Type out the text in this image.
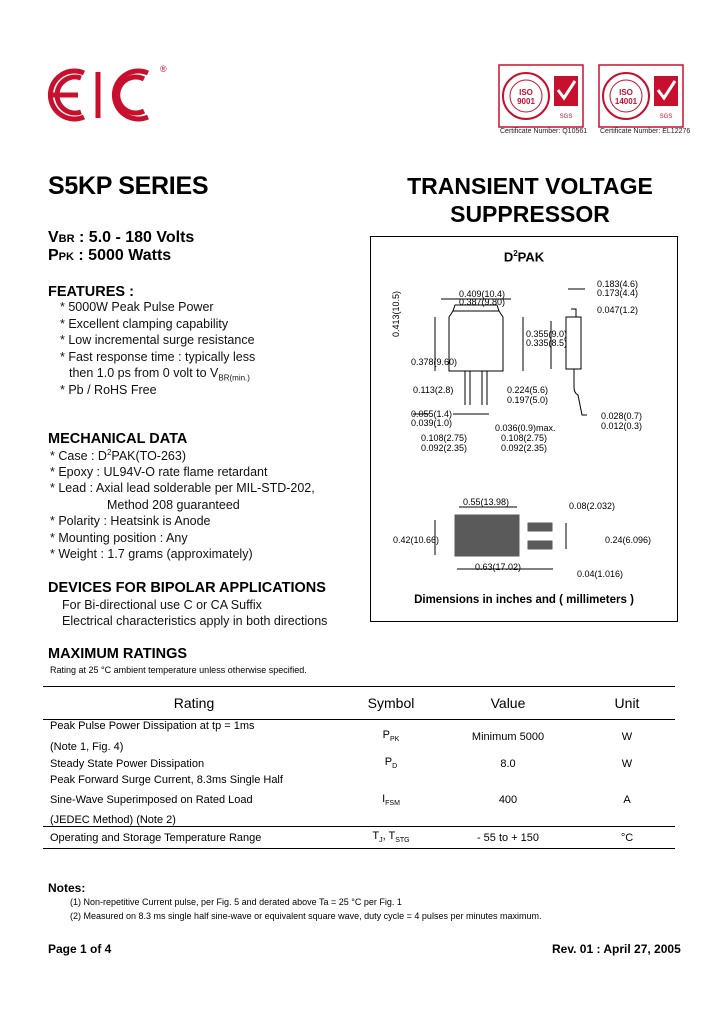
®
ISO
9001
SGS
ISO
14001
SGS
Certificate Number: Q10561 Certificate Number: EL12276
S5KP SERIES	TRANSIENT VOLTAGE
SUPPRESSOR
VBR : 5.0 - 180 Volts
PPK : 5000 Watts
FEATURES :
* 5000W Peak Pulse Power
* Excellent clamping capability
* Low incremental surge resistance
* Fast response time : typically less
then 1.0 ps from 0 volt to $V_{BR(min.)}$
* Pb / RoHS Free
MECHANICAL DATA
* Case : $D^2PAK(TO-263)$
* Epoxy : UL94V-O rate flame retardant
* Lead : Axial lead solderable per MIL-STD-202,
Method 208 guaranteed
* Polarity : Heatsink is Anode
* Mounting position : Any
* Weight : 1.7 grams (approximately)
DEVICES FOR BIPOLAR APPLICATIONS
For Bi-directional use C or CA Suffix
Electrical characteristics apply in both directions
$D^2PAK$
0.409(10.4)
0.387(9.80)
0.183(4.6)
0.173(4.4)
0.047(1.2)
0.413(10.5)
0.378(9.60)
0.355(9.0)
0.335(8.5)
0.113(2.8)	0.224(5.6)
0.197(5.0)
0.055(1.4)
0.039(1.0)	0.036(0.9)max.
0.108(2.75)
0.092(2.35)
0.108(2.75)
0.092(2.35)
0.028(0.7)
0.012(0.3)
0.55(13.98)	0.08(2.032)
0.42(10.66)	0.24(6.096)
0.63(17.02)
0.04(1.016)
Dimensions in inches and ( millimeters )
MAXIMUM RATINGS
Rating at 25 °C ambient temperature unless otherwise specified.
Rating	Symbol	Value	Unit

Peak Pulse Power Dissipation at tp = 1ms
(Note 1, Fig. 4)	$P_{PK}$	Minimum 5000	W
Steady State Power Dissipation	$P_D$	8.0	W

Peak Forward Surge Current, 8.3ms Single Half
Sine-Wave Superimposed on Rated Load
(JEDEC Method) (Note 2)	$I_{FSM}$	400	A
Operating and Storage Temperature Range	$T_J$, $T_{STG}$	- 55 to + 150	°C
Notes:
(1) Non-repetitive Current pulse, per Fig. 5 and derated above Ta = 25 °C per Fig. 1
(2) Measured on 8.3 ms single half sine-wave or equivalent square wave, duty cycle = 4 pulses per minutes maximum.
Page 1 of 4	Rev. 01 : April 27, 2005
